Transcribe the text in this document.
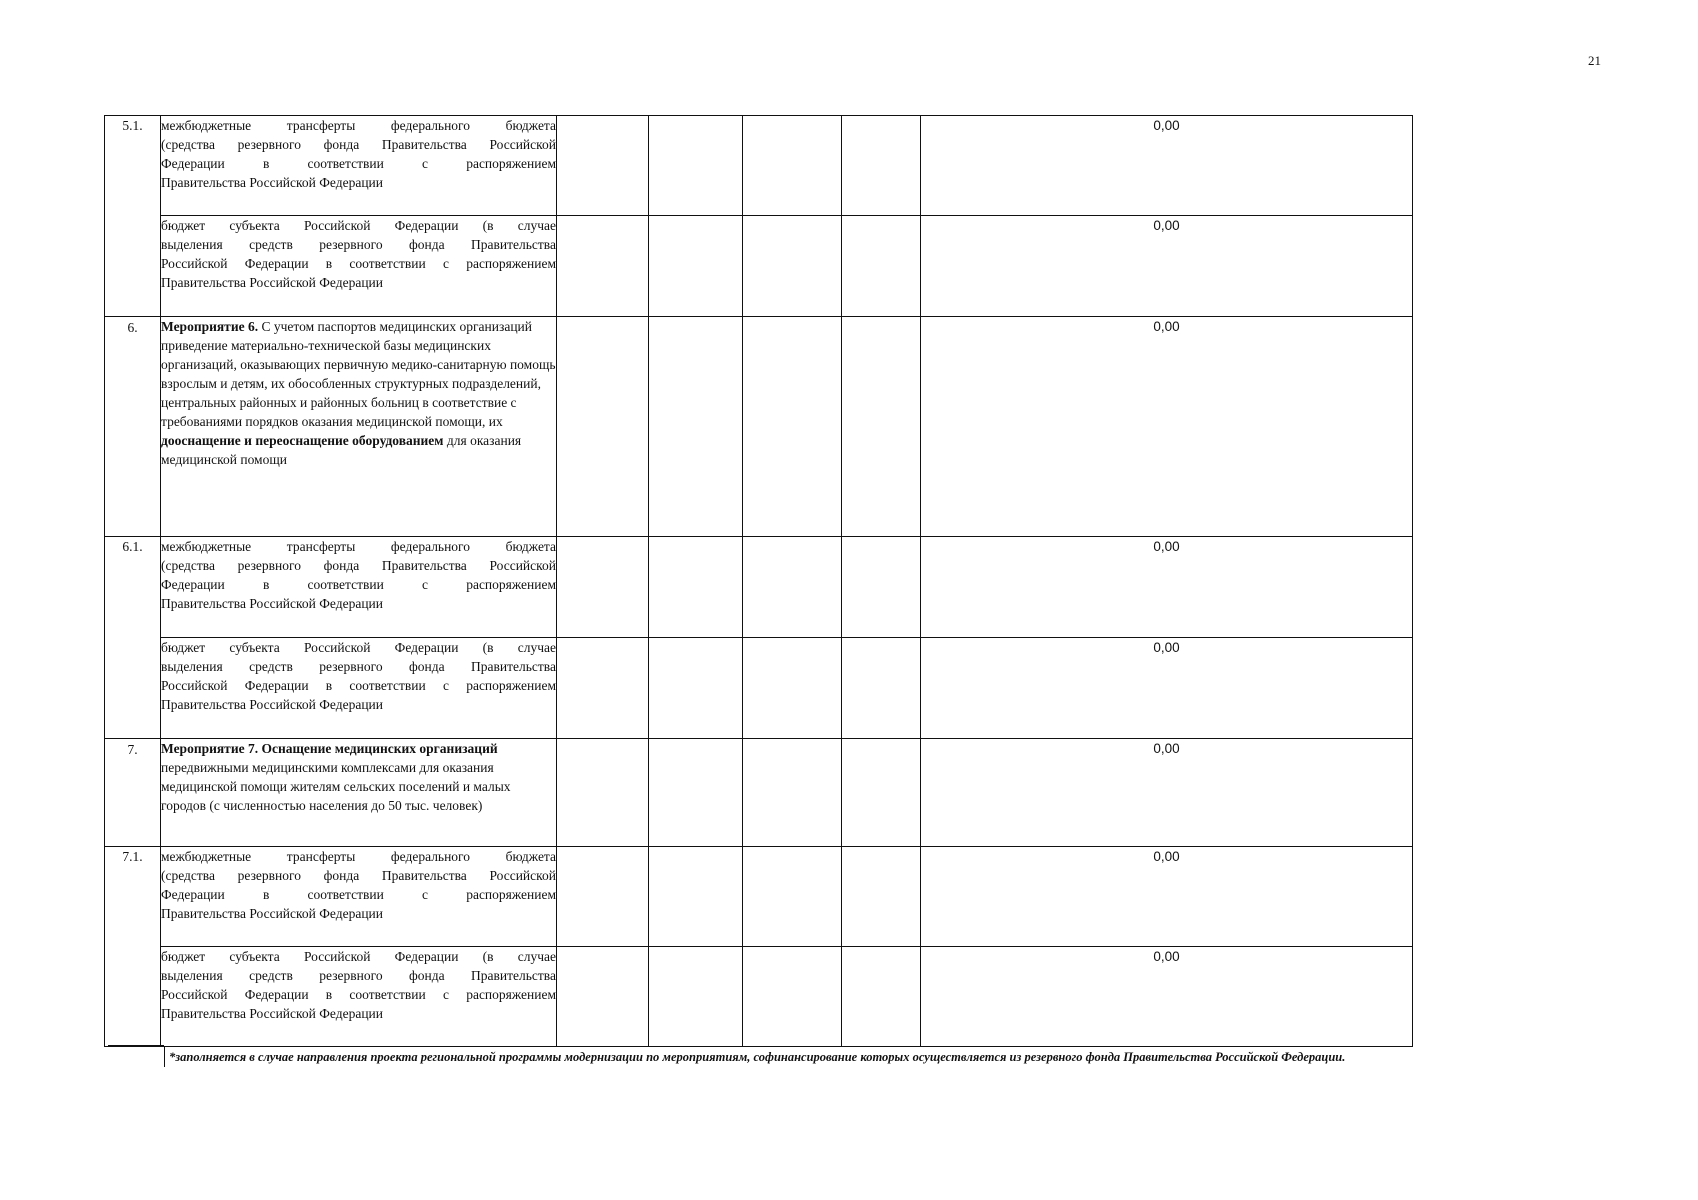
21
5.1.	межбюджетные трансферты федерального бюджета
(средства резервного фонда Правительства Российской
Федерации в соответствии с распоряжением
Правительства Российской Федерации					0,00

	бюджет субъекта Российской Федерации (в случае
выделения средств резервного фонда Правительства
Российской Федерации в соответствии с распоряжением
Правительства Российской Федерации					0,00
6.	Мероприятие 6. С учетом паспортов медицинских организаций приведение материально-технической базы медицинских организаций, оказывающих первичную медико-санитарную помощь взрослым и детям, их обособленных структурных подразделений, центральных районных и районных больниц в соответствие с требованиями порядков оказания медицинской помощи, их дооснащение и переоснащение оборудованием для оказания медицинской помощи					0,00
6.1.	межбюджетные трансферты федерального бюджета
(средства резервного фонда Правительства Российской
Федерации в соответствии с распоряжением
Правительства Российской Федерации					0,00

	бюджет субъекта Российской Федерации (в случае
выделения средств резервного фонда Правительства
Российской Федерации в соответствии с распоряжением
Правительства Российской Федерации					0,00
7.	Мероприятие 7. Оснащение медицинских организаций передвижными медицинскими комплексами для оказания медицинской помощи жителям сельских поселений и малых городов (с численностью населения до 50 тыс. человек)					0,00
7.1.	межбюджетные трансферты федерального бюджета
(средства резервного фонда Правительства Российской
Федерации в соответствии с распоряжением
Правительства Российской Федерации					0,00

	бюджет субъекта Российской Федерации (в случае
выделения средств резервного фонда Правительства
Российской Федерации в соответствии с распоряжением
Правительства Российской Федерации					0,00
*заполняется в случае направления проекта региональной программы модернизации по мероприятиям, софинансирование которых осуществляется из резервного фонда Правительства Российской Федерации.
